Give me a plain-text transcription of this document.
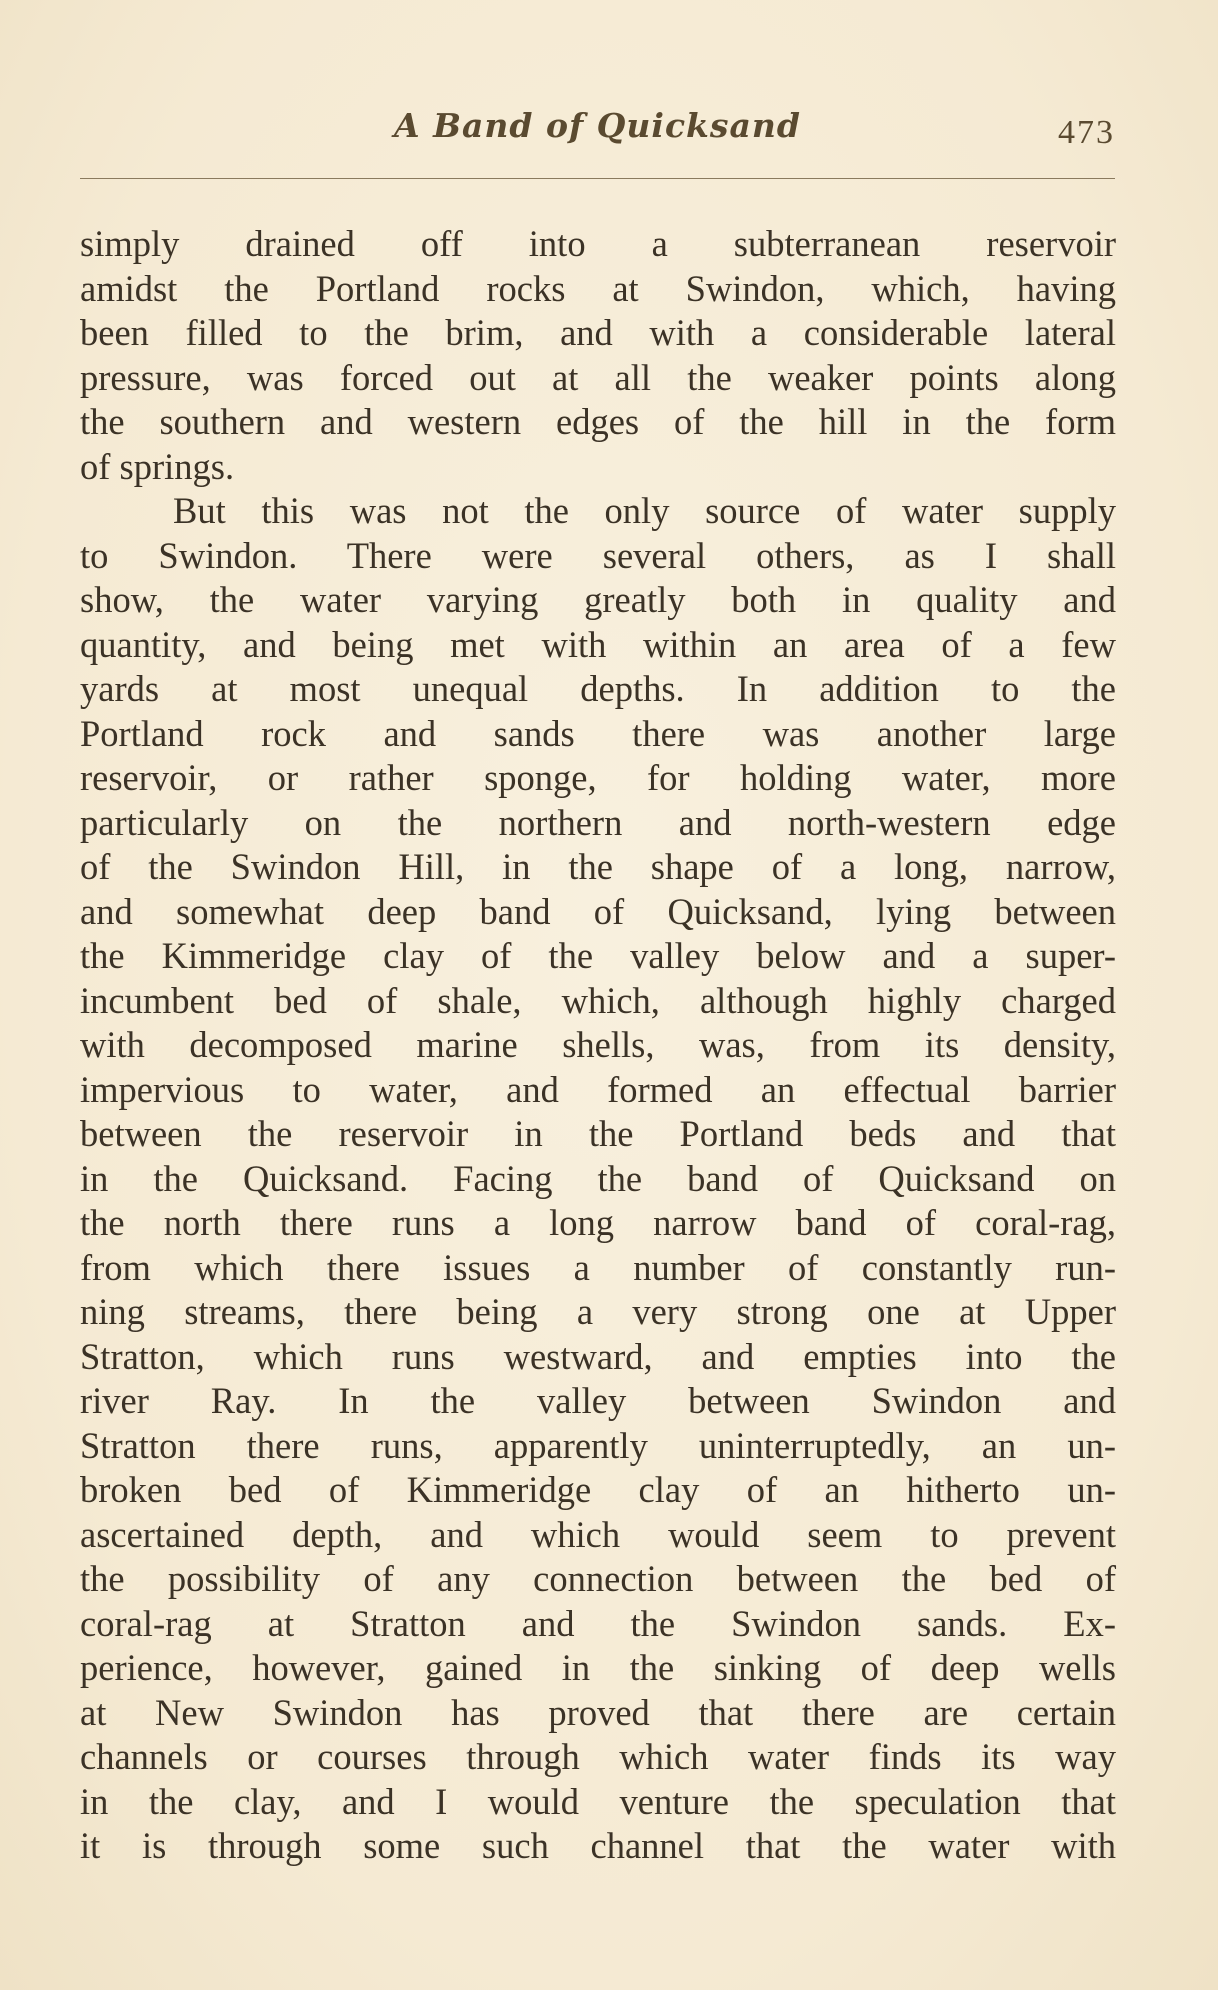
A Band of Quicksand	473
simply drained off into a subterranean reservoir
amidst the Portland rocks at Swindon, which, having
been filled to the brim, and with a considerable lateral
pressure, was forced out at all the weaker points along
the southern and western edges of the hill in the form
of springs.
But this was not the only source of water supply
to Swindon. There were several others, as I shall
show, the water varying greatly both in quality and
quantity, and being met with within an area of a few
yards at most unequal depths. In addition to the
Portland rock and sands there was another large
reservoir, or rather sponge, for holding water, more
particularly on the northern and north-western edge
of the Swindon Hill, in the shape of a long, narrow,
and somewhat deep band of Quicksand, lying between
the Kimmeridge clay of the valley below and a super-
incumbent bed of shale, which, although highly charged
with decomposed marine shells, was, from its density,
impervious to water, and formed an effectual barrier
between the reservoir in the Portland beds and that
in the Quicksand. Facing the band of Quicksand on
the north there runs a long narrow band of coral-rag,
from which there issues a number of constantly run-
ning streams, there being a very strong one at Upper
Stratton, which runs westward, and empties into the
river Ray. In the valley between Swindon and
Stratton there runs, apparently uninterruptedly, an un-
broken bed of Kimmeridge clay of an hitherto un-
ascertained depth, and which would seem to prevent
the possibility of any connection between the bed of
coral-rag at Stratton and the Swindon sands. Ex-
perience, however, gained in the sinking of deep wells
at New Swindon has proved that there are certain
channels or courses through which water finds its way
in the clay, and I would venture the speculation that
it is through some such channel that the water with
